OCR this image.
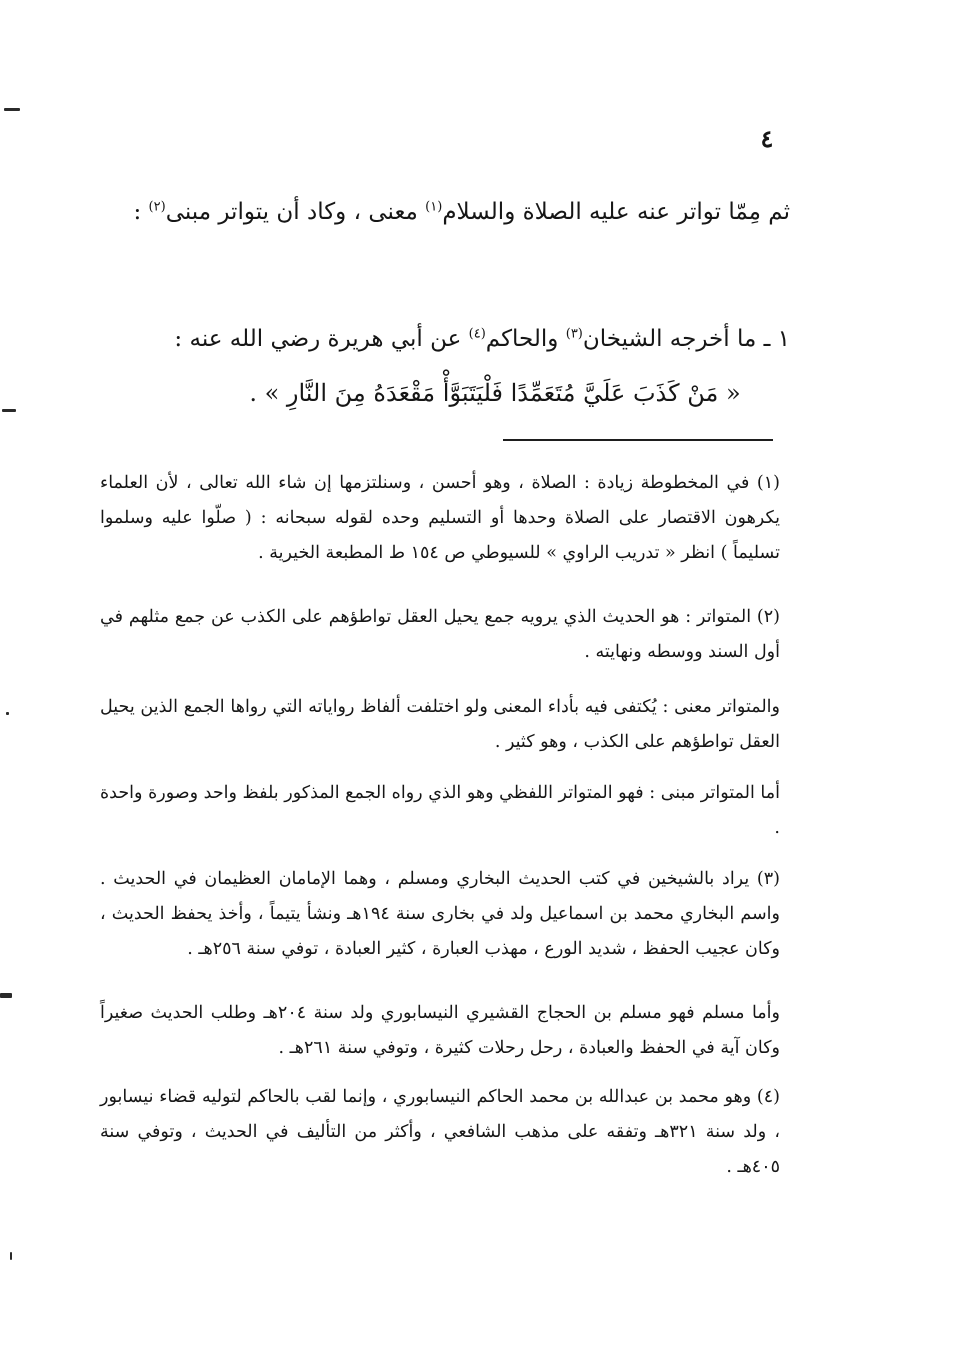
٤

ثم مِمّا تواتر عنه عليه الصلاة والسلام$^{(١)}$ معنى ، وكاد أن يتواتر مبنى$^{(٢)}$ :

١ ـ ما أخرجه الشيخان$^{(٣)}$ والحاكم$^{(٤)}$ عن أبي هريرة رضي الله عنه :

« مَنْ كَذَبَ عَلَيَّ مُتَعَمِّدًا فَلْيَتَبَوَّأْ مَقْعَدَهُ مِنَ النَّارِ » .

(١) في المخطوطة زيادة : الصلاة ، وهو أحسن ، وسنلتزمها إن شاء الله تعالى ، لأن العلماء يكرهون الاقتصار على الصلاة وحدها أو التسليم وحده لقوله سبحانه : ( صلّوا عليه وسلموا تسليماً ) انظر « تدريب الراوي » للسيوطي ص ١٥٤ ط المطبعة الخيرية .

(٢) المتواتر : هو الحديث الذي يرويه جمع يحيل العقل تواطؤهم على الكذب عن جمع مثلهم في أول السند ووسطه ونهايته .

والمتواتر معنى : يُكتفى فيه بأداء المعنى ولو اختلفت ألفاظ رواياته التي رواها الجمع الذين يحيل العقل تواطؤهم على الكذب ، وهو كثير .

أما المتواتر مبنى : فهو المتواتر اللفظي وهو الذي رواه الجمع المذكور بلفظ واحد وصورة واحدة .

(٣) يراد بالشيخين في كتب الحديث البخاري ومسلم ، وهما الإمامان العظيمان في الحديث . واسم البخاري محمد بن اسماعيل ولد في بخارى سنة ١٩٤هـ ونشأ يتيماً ، وأخذ يحفظ الحديث ، وكان عجيب الحفظ ، شديد الورع ، مهذب العبارة ، كثير العبادة ، توفي سنة ٢٥٦هـ .

وأما مسلم فهو مسلم بن الحجاج القشيري النيسابوري ولد سنة ٢٠٤هـ وطلب الحديث صغيراً وكان آية في الحفظ والعبادة ، رحل رحلات كثيرة ، وتوفي سنة ٢٦١هـ .

(٤) وهو محمد بن عبدالله بن محمد الحاكم النيسابوري ، وإنما لقب بالحاكم لتوليه قضاء نيسابور ، ولد سنة ٣٢١هـ وتفقه على مذهب الشافعي ، وأكثر من التأليف في الحديث ، وتوفي سنة ٤٠٥هـ .
